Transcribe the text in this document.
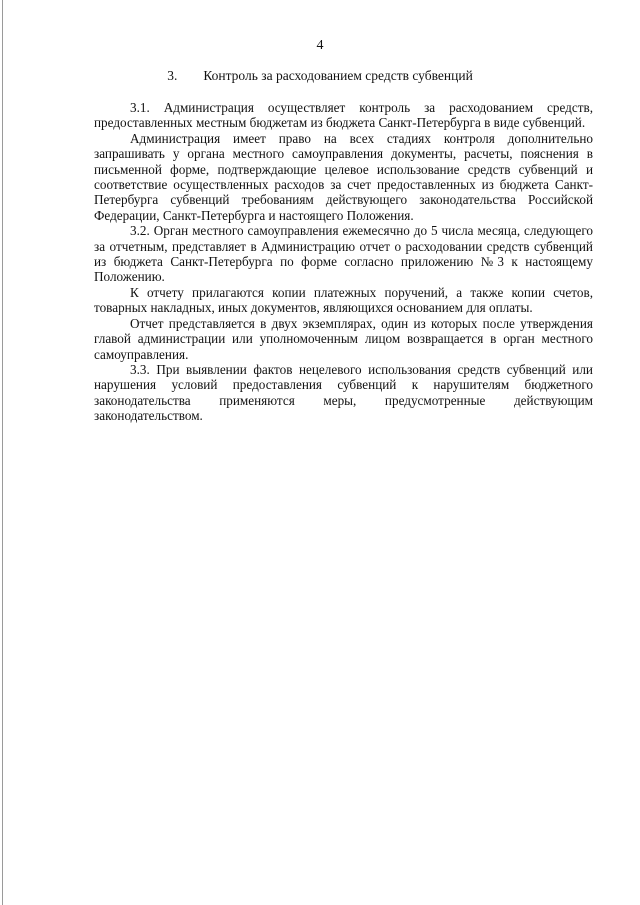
4
3. Контроль за расходованием средств субвенций

3.1. Администрация осуществляет контроль за расходованием средств, предоставленных местным бюджетам из бюджета Санкт-Петербурга в виде субвенций.

Администрация имеет право на всех стадиях контроля дополнительно запрашивать у органа местного самоуправления документы, расчеты, пояснения в письменной форме, подтверждающие целевое использование средств субвенций и соответствие осуществленных расходов за счет предоставленных из бюджета Санкт-Петербурга субвенций требованиям действующего законодательства Российской Федерации, Санкт-Петербурга и настоящего Положения.

3.2. Орган местного самоуправления ежемесячно до 5 числа месяца, следующего за отчетным, представляет в Администрацию отчет о расходовании средств субвенций из бюджета Санкт-Петербурга по форме согласно приложению №3 к настоящему Положению.

К отчету прилагаются копии платежных поручений, а также копии счетов, товарных накладных, иных документов, являющихся основанием для оплаты.

Отчет представляется в двух экземплярах, один из которых после утверждения главой администрации или уполномоченным лицом возвращается в орган местного самоуправления.

3.3. При выявлении фактов нецелевого использования средств субвенций или нарушения условий предоставления субвенций к нарушителям бюджетного законодательства применяются меры, предусмотренные действующим законодательством.
